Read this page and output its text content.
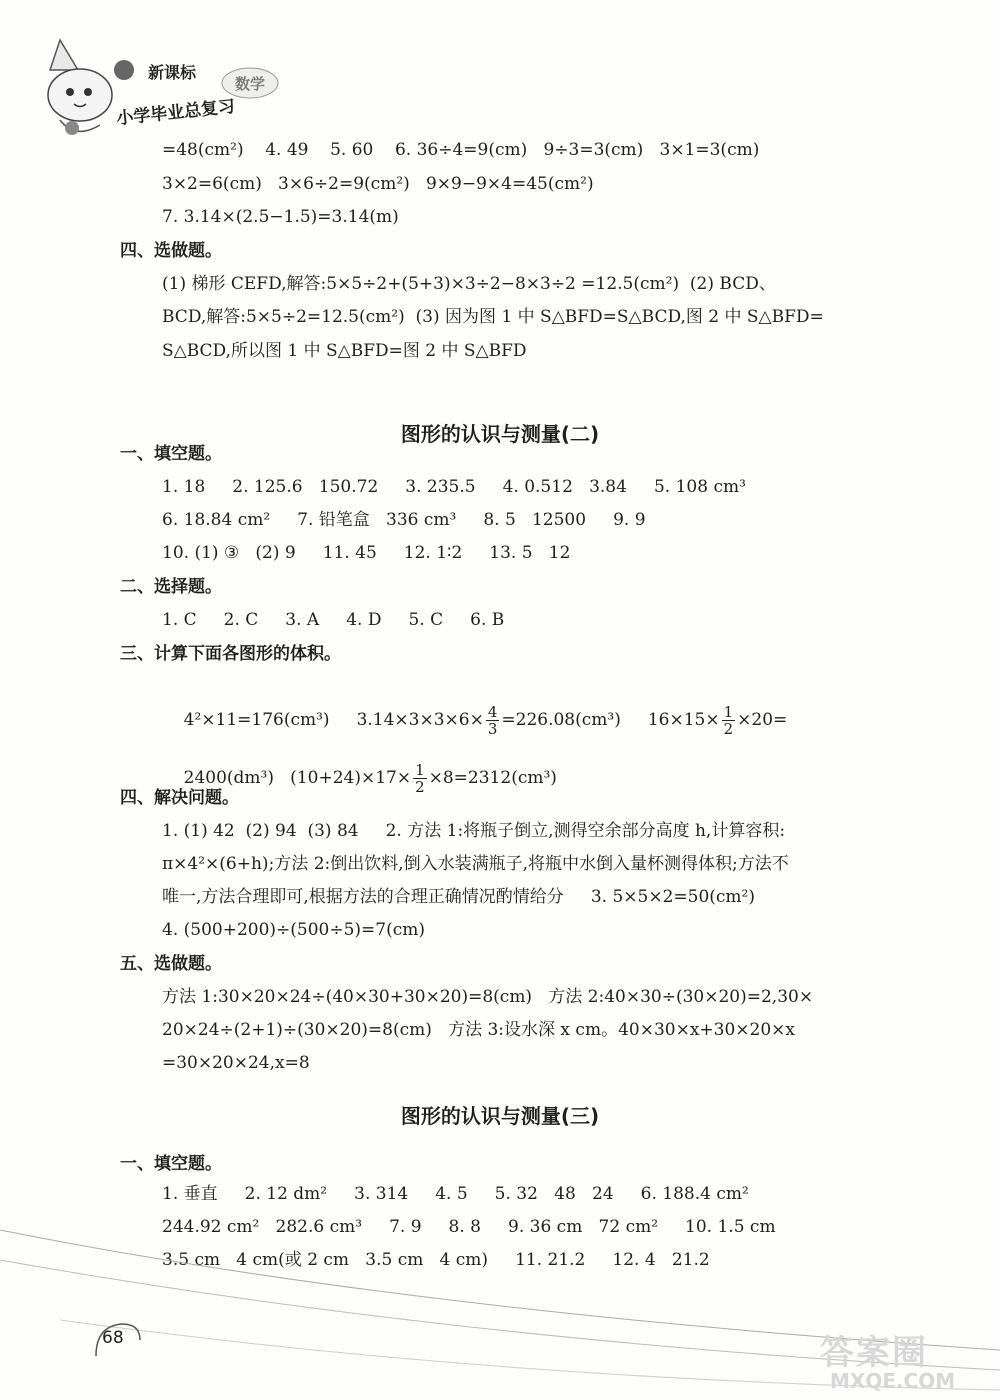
新课标
小学毕业总复习
数学
=48(cm²)    4. 49    5. 60    6. 36÷4=9(cm)   9÷3=3(cm)   3×1=3(cm)
3×2=6(cm)   3×6÷2=9(cm²)   9×9−9×4=45(cm²)
7. 3.14×(2.5−1.5)=3.14(m)
四、选做题。
(1) 梯形 CEFD,解答:5×5÷2+(5+3)×3÷2−8×3÷2 =12.5(cm²)  (2) BCD、
BCD,解答:5×5÷2=12.5(cm²)  (3) 因为图 1 中 S△BFD=S△BCD,图 2 中 S△BFD=
S△BCD,所以图 1 中 S△BFD=图 2 中 S△BFD
图形的认识与测量(二)
一、填空题。
1. 18     2. 125.6   150.72     3. 235.5     4. 0.512   3.84     5. 108 cm³
6. 18.84 cm²     7. 铅笔盒   336 cm³     8. 5   12500     9. 9
10. (1) ③   (2) 9     11. 45     12. 1∶2     13. 5   12
二、选择题。
1. C     2. C     3. A     4. D     5. C     6. B
三、计算下面各图形的体积。

4²×11=176(cm³)     $3.14\times 3\times 3\times 6\times \frac{4}{3} =226.08(cm^3)$     $16\times 15\times \frac{1}{2} \times 20=$

2400(dm³)   $(10+24)\times 17\times \frac{1}{2} \times 8=2312(cm^3)$

四、解决问题。
1. (1) 42  (2) 94  (3) 84     2. 方法 1:将瓶子倒立,测得空余部分高度 h,计算容积:
π×4²×(6+h);方法 2:倒出饮料,倒入水装满瓶子,将瓶中水倒入量杯测得体积;方法不
唯一,方法合理即可,根据方法的合理正确情况酌情给分     3. 5×5×2=50(cm²)
4. (500+200)÷(500÷5)=7(cm)
五、选做题。
方法 1:30×20×24÷(40×30+30×20)=8(cm)   方法 2:40×30÷(30×20)=2,30×
20×24÷(2+1)÷(30×20)=8(cm)   方法 3:设水深 x cm。40×30×x+30×20×x
=30×20×24,x=8
图形的认识与测量(三)
一、填空题。
1. 垂直     2. 12 dm²     3. 314     4. 5     5. 32   48   24     6. 188.4 cm²
244.92 cm²   282.6 cm³     7. 9     8. 8     9. 36 cm   72 cm²     10. 1.5 cm
3.5 cm   4 cm(或 2 cm   3.5 cm   4 cm)     11. 21.2     12. 4   21.2
68	答案圈
MXQE.COM
